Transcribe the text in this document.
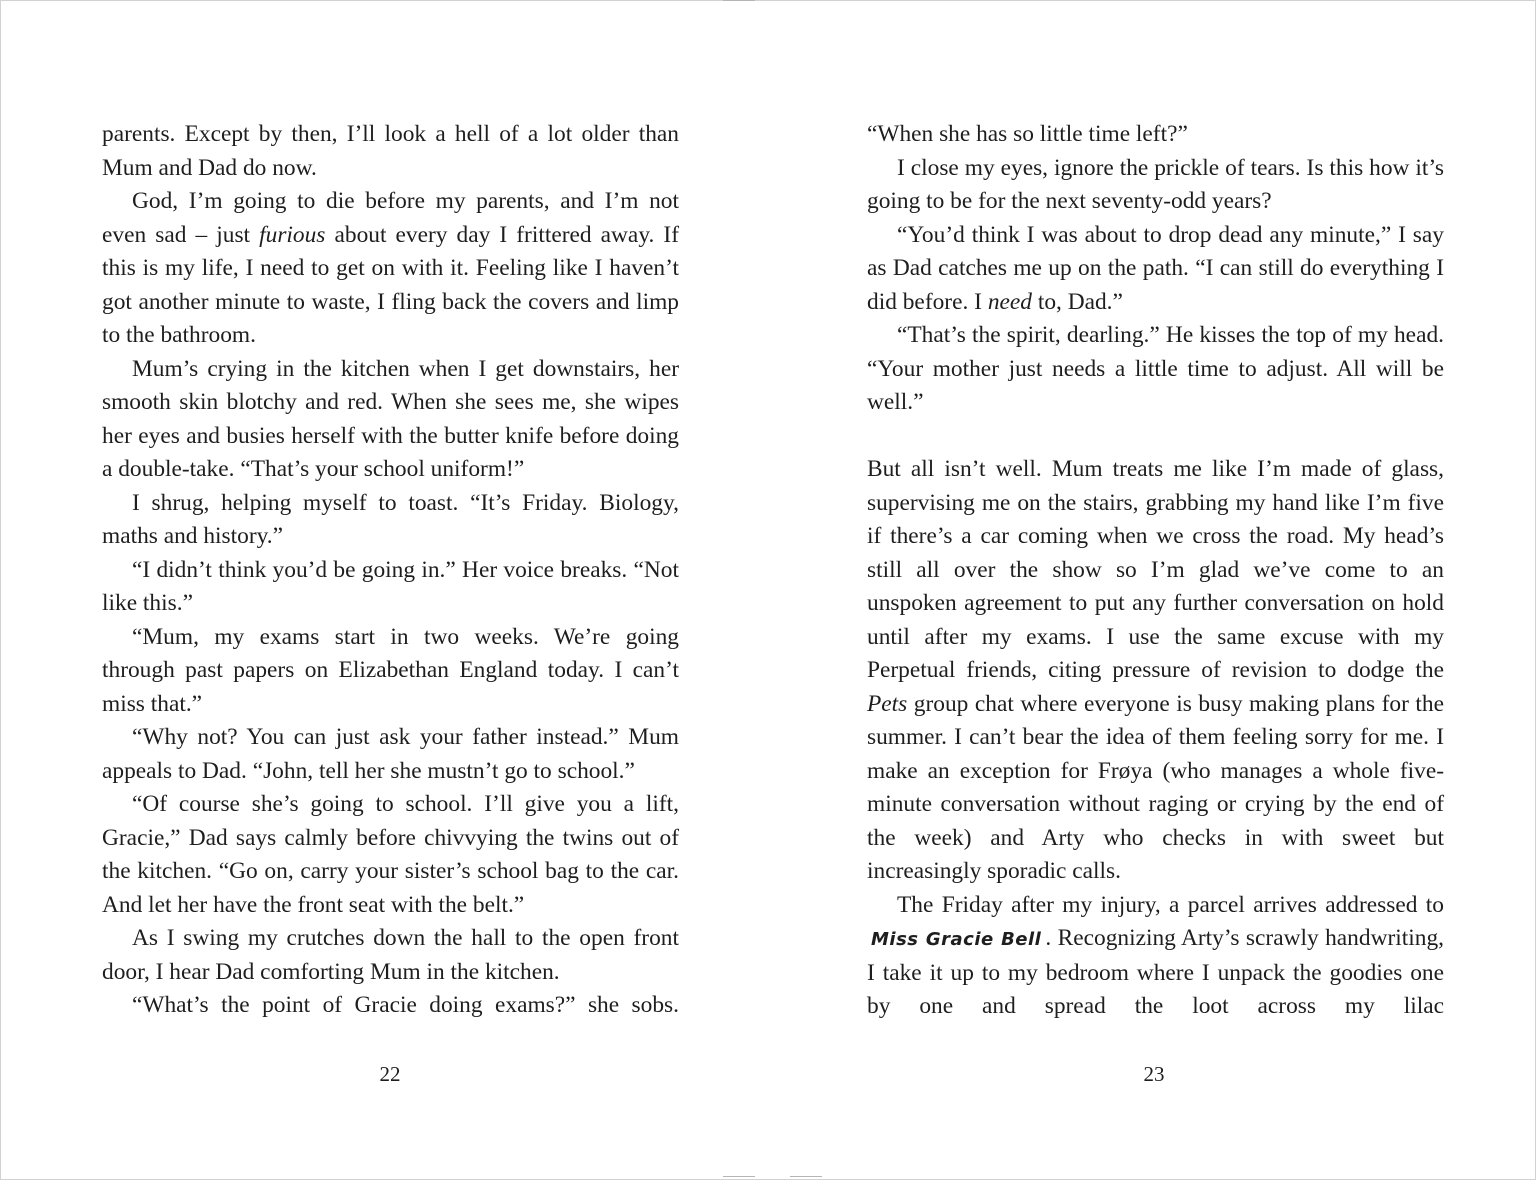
parents. Except by then, I’ll look a hell of a lot older than Mum and Dad do now.

God, I’m going to die before my parents, and I’m not even sad – just furious about every day I frittered away. If this is my life, I need to get on with it. Feeling like I haven’t got another minute to waste, I fling back the covers and limp to the bathroom.

Mum’s crying in the kitchen when I get downstairs, her smooth skin blotchy and red. When she sees me, she wipes her eyes and busies herself with the butter knife before doing a double-take. “That’s your school uniform!”

I shrug, helping myself to toast. “It’s Friday. Biology, maths and history.”

“I didn’t think you’d be going in.” Her voice breaks. “Not like this.”

“Mum, my exams start in two weeks. We’re going through past papers on Elizabethan England today. I can’t miss that.”

“Why not? You can just ask your father instead.” Mum appeals to Dad. “John, tell her she mustn’t go to school.”

“Of course she’s going to school. I’ll give you a lift, Gracie,” Dad says calmly before chivvying the twins out of the kitchen. “Go on, carry your sister’s school bag to the car. And let her have the front seat with the belt.”

As I swing my crutches down the hall to the open front door, I hear Dad comforting Mum in the kitchen.

“What’s the point of Gracie doing exams?” she sobs.

22

“When she has so little time left?”

I close my eyes, ignore the prickle of tears. Is this how it’s going to be for the next seventy-odd years?

“You’d think I was about to drop dead any minute,” I say as Dad catches me up on the path. “I can still do everything I did before. I need to, Dad.”

“That’s the spirit, dearling.” He kisses the top of my head. “Your mother just needs a little time to adjust. All will be well.”

But all isn’t well. Mum treats me like I’m made of glass, supervising me on the stairs, grabbing my hand like I’m five if there’s a car coming when we cross the road. My head’s still all over the show so I’m glad we’ve come to an unspoken agreement to put any further conversation on hold until after my exams. I use the same excuse with my Perpetual friends, citing pressure of revision to dodge the Pets group chat where everyone is busy making plans for the summer. I can’t bear the idea of them feeling sorry for me. I make an exception for Frøya (who manages a whole five-minute conversation without raging or crying by the end of the week) and Arty who checks in with sweet but increasingly sporadic calls.

The Friday after my injury, a parcel arrives addressed to Miss Gracie Bell . Recognizing Arty’s scrawly handwriting, I take it up to my bedroom where I unpack the goodies one by one and spread the loot across my lilac

23
